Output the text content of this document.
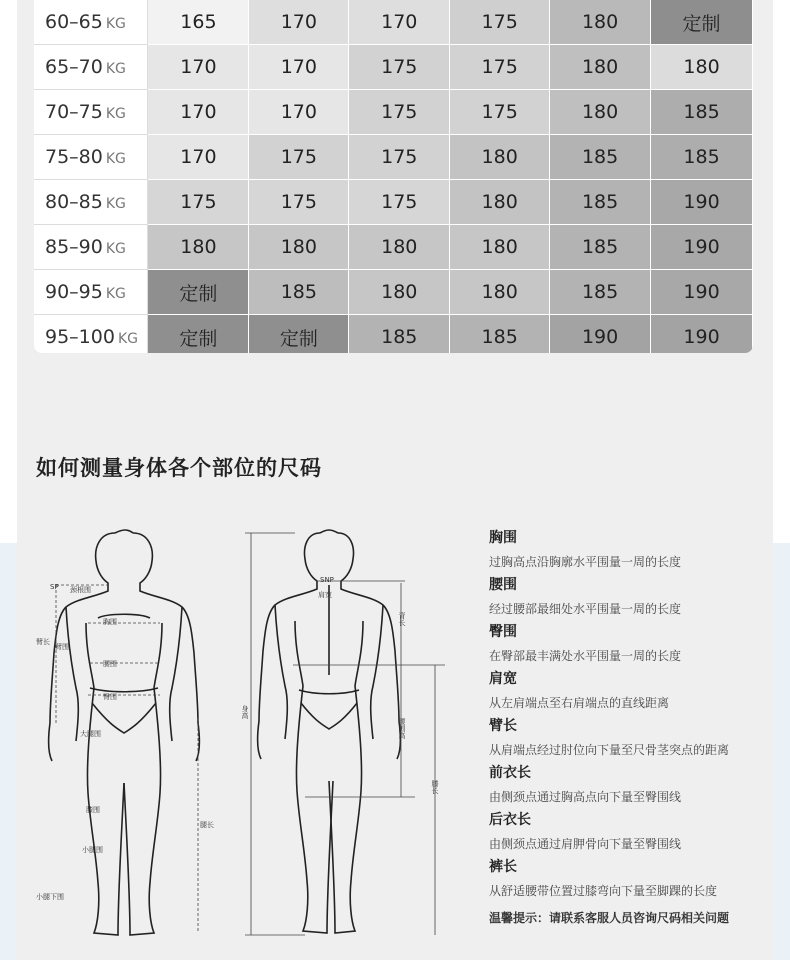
60–65 KG	165	170	170	175	180	定制
65–70 KG	170	170	175	175	180	180
70–75 KG	170	170	175	175	180	185
75–80 KG	170	175	175	180	185	185
80–85 KG	175	175	175	180	185	190
85–90 KG	180	180	180	180	185	190
90–95 KG	定制	185	180	180	185	190
95–100 KG	定制	定制	185	185	190	190
如何测量身体各个部位的尺码
颈根围
胸围
腰围
臀围
大腿围
膝围
小腿围
小腿下围
臂长
臂围
SP
腿长
SNP
肩宽
背长
身高
腰围高
膝长
胸围
过胸高点沿胸廓水平围量一周的长度
腰围
经过腰部最细处水平围量一周的长度
臀围
在臀部最丰满处水平围量一周的长度
肩宽
从左肩端点至右肩端点的直线距离
臂长
从肩端点经过肘位向下量至尺骨茎突点的距离
前衣长
由侧颈点通过胸高点向下量至臀围线
后衣长
由侧颈点通过肩胛骨向下量至臀围线
裤长
从舒适腰带位置过膝弯向下量至脚踝的长度
温馨提示：请联系客服人员咨询尺码相关问题
